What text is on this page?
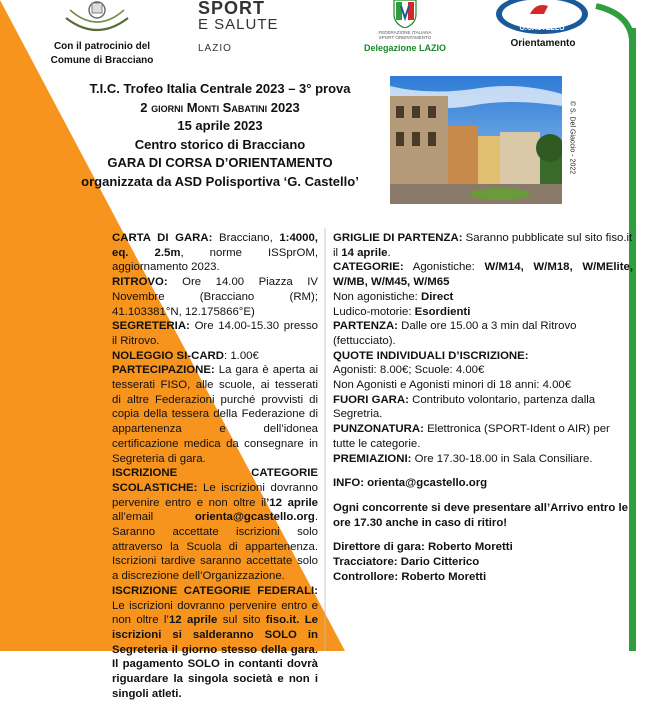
Con il patrocinio del
Comune di Bracciano
SPORT
E SALUTE
LAZIO
FEDERAZIONE ITALIANA
SPORT ORIENTAMENTO
Delegazione LAZIO
G.CASTELLO
Orientamento
T.I.C. Trofeo Italia Centrale 2023 – 3° prova
2 giorni Monti Sabatini 2023
15 aprile 2023
Centro storico di Bracciano
GARA DI CORSA D’ORIENTAMENTO
organizzata da ASD Polisportiva ‘G. Castello’
© S. Del Giaccio - 2022

CARTA DI GARA: Bracciano, 1:4000, eq. 2.5m, norme ISSprOM, aggiornamento 2023.

RITROVO: Ore 14.00 Piazza IV Novembre (Bracciano (RM); 41.103381°N, 12.175866°E)

SEGRETERIA: Ore 14.00-15.30 presso il Ritrovo.

NOLEGGIO SI-CARD: 1.00€

PARTECIPAZIONE: La gara è aperta ai tesserati FISO, alle scuole, ai tesserati di altre Federazioni purché provvisti di copia della tessera della Federazione di appartenenza e dell’idonea certificazione medica da consegnare in Segreteria di gara.

ISCRIZIONE CATEGORIE SCOLASTICHE: Le iscrizioni dovranno pervenire entro e non oltre il’12 aprile all’email orienta@gcastello.org. Saranno accettate iscrizioni solo attraverso la Scuola di appartenenza. Iscrizioni tardive saranno accettate solo a discrezione dell’Organizzazione.

ISCRIZIONE CATEGORIE FEDERALI: Le iscrizioni dovranno pervenire entro e non oltre l’12 aprile sul sito fiso.it. Le iscrizioni si salderanno SOLO in Segreteria il giorno stesso della gara. Il pagamento SOLO in contanti dovrà riguardare la singola società e non i singoli atleti.

GRIGLIE DI PARTENZA: Saranno pubblicate sul sito fiso.it il 14 aprile.

CATEGORIE: Agonistiche: W/M14, W/M18, W/MElite, W/MB, W/M45, W/M65

Non agonistiche: Direct

Ludico-motorie: Esordienti

PARTENZA: Dalle ore 15.00 a 3 min dal Ritrovo (fettucciato).

QUOTE INDIVIDUALI D’ISCRIZIONE:

Agonisti: 8.00€; Scuole: 4.00€

Non Agonisti e Agonisti minori di 18 anni: 4.00€

FUORI GARA: Contributo volontario, partenza dalla Segretria.

PUNZONATURA: Elettronica (SPORT-Ident o AIR) per tutte le categorie.

PREMIAZIONI: Ore 17.30-18.00 in Sala Consiliare.

INFO: orienta@gcastello.org

Ogni concorrente si deve presentare all’Arrivo entro le ore 17.30 anche in caso di ritiro!

Direttore di gara: Roberto Moretti

Tracciatore: Dario Citterico

Controllore: Roberto Moretti
